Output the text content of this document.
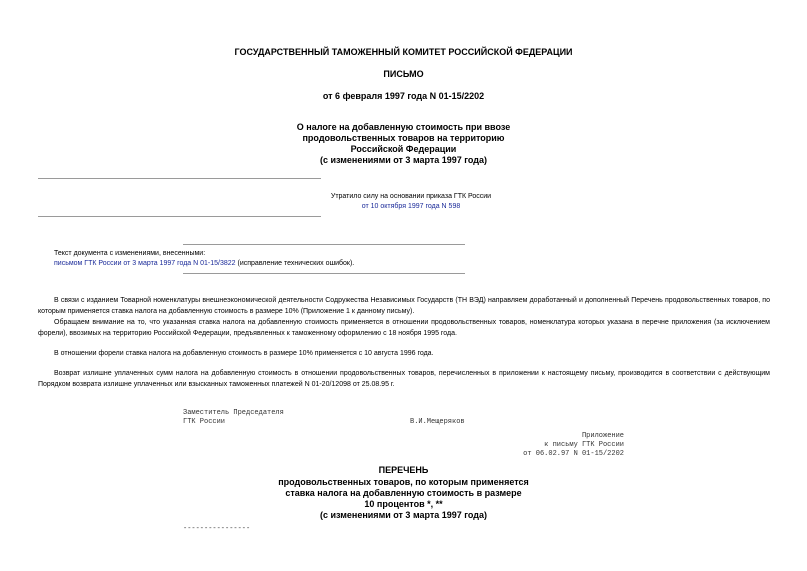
ГОСУДАРСТВЕННЫЙ ТАМОЖЕННЫЙ КОМИТЕТ РОССИЙСКОЙ ФЕДЕРАЦИИ
ПИСЬМО
от 6 февраля 1997 года N 01-15/2202
О налоге на добавленную стоимость при ввозе
продовольственных товаров на территорию
Российской Федерации
(с изменениями от 3 марта 1997 года)
Утратило силу на основании приказа ГТК России
от 10 октября 1997 года N 598
Текст документа с изменениями, внесенными:
письмом ГТК России от 3 марта 1997 года N 01-15/3822 (исправление технических ошибок).
В связи с изданием Товарной номенклатуры внешнеэкономической деятельности Содружества Независимых Государств (ТН ВЭД) направляем доработанный и дополненный Перечень продовольственных товаров, по которым применяется ставка налога на добавленную стоимость в размере 10% (Приложение 1 к данному письму).
Обращаем внимание на то, что указанная ставка налога на добавленную стоимость применяется в отношении продовольственных товаров, номенклатура которых указана в перечне приложения (за исключением форели), ввозимых на территорию Российской Федерации, предъявленных к таможенному оформлению с 18 ноября 1995 года.
В отношении форели ставка налога на добавленную стоимость в размере 10% применяется с 10 августа 1996 года.
Возврат излишне уплаченных сумм налога на добавленную стоимость в отношении продовольственных товаров, перечисленных в приложении к настоящему письму, производится в соответствии с действующим Порядком возврата излишне уплаченных или взысканных таможенных платежей N 01-20/12098 от 25.08.95 г.
Заместитель Председателя
ГТК России	В.И.Мещеряков
Приложение
к письму ГТК России
от 06.02.97 N 01-15/2202
ПЕРЕЧЕНЬ
продовольственных товаров, по которым применяется
ставка налога на добавленную стоимость в размере
10 процентов *, **
(с изменениями от 3 марта 1997 года)
----------------
